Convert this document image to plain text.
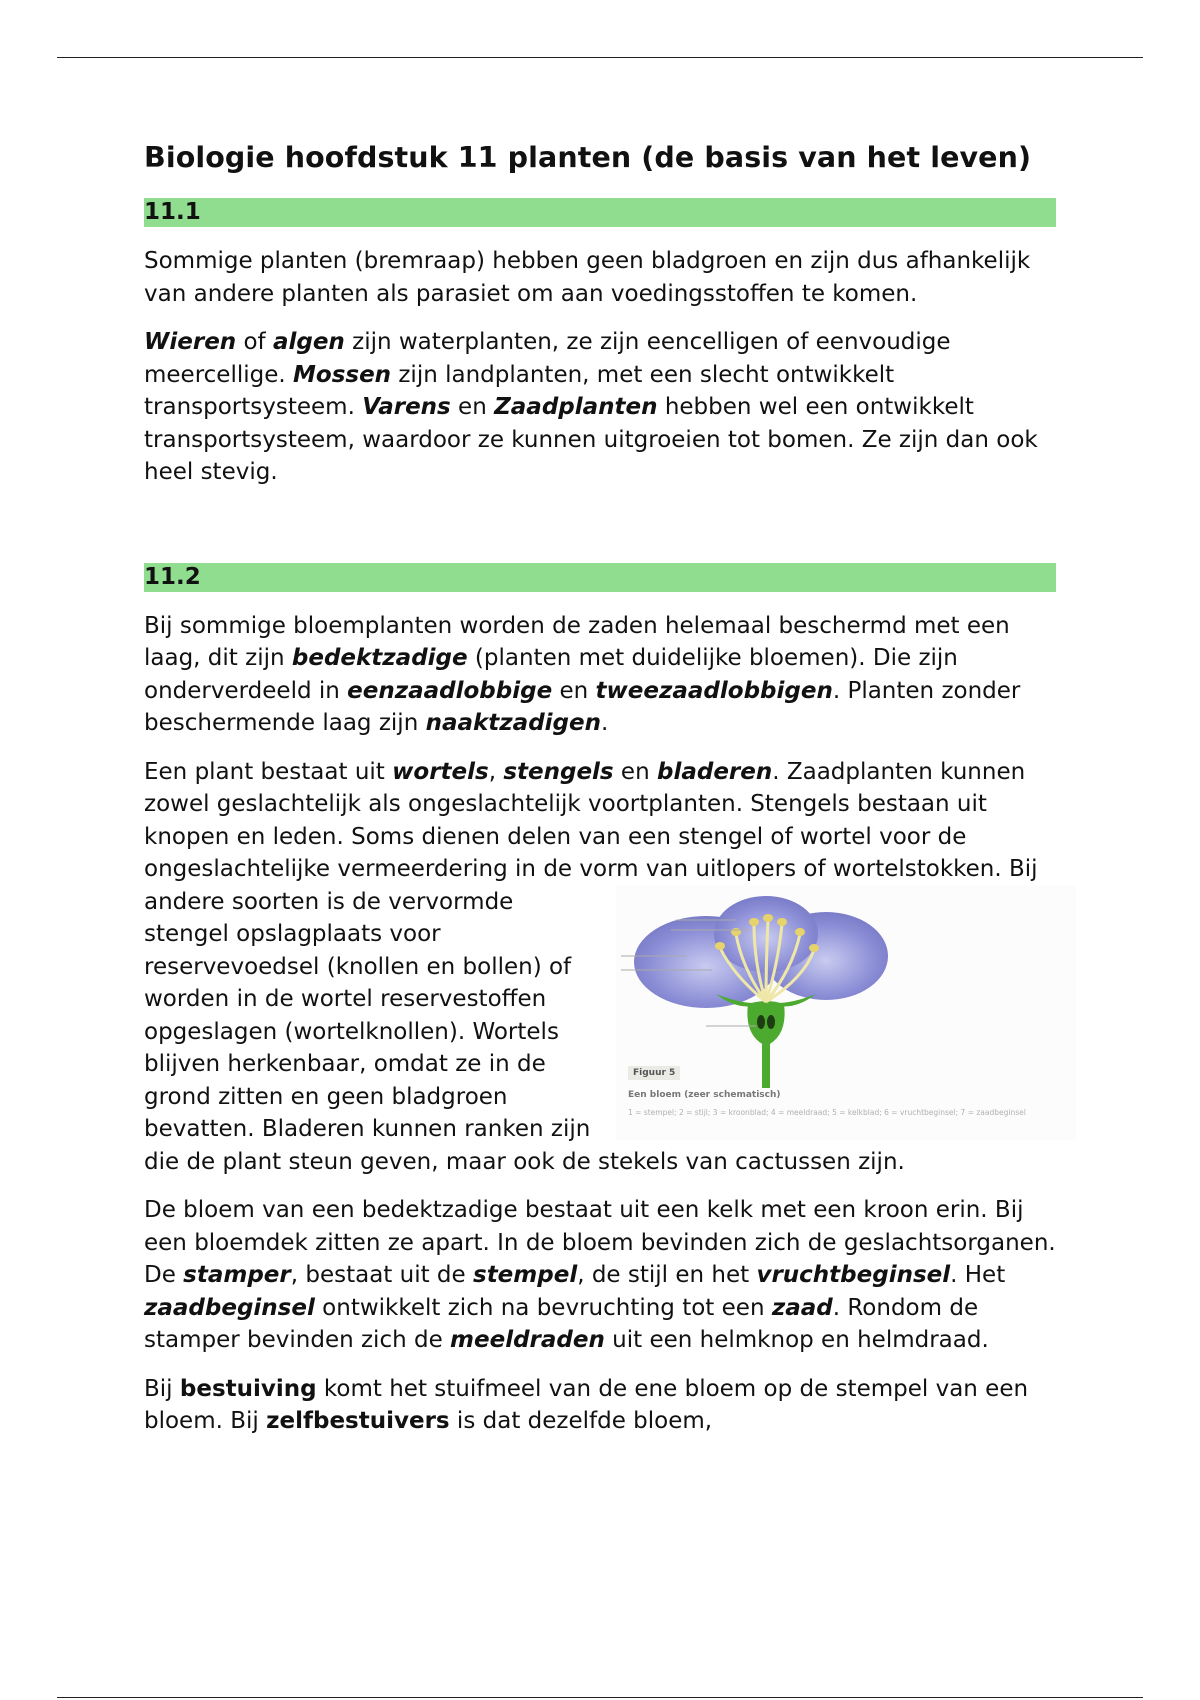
Biologie hoofdstuk 11 planten (de basis van het leven)
11.1

Sommige planten (bremraap) hebben geen bladgroen en zijn dus afhankelijk van andere planten als parasiet om aan voedingsstoffen te komen.

Wieren of algen zijn waterplanten, ze zijn eencelligen of eenvoudige meercellige. Mossen zijn landplanten, met een slecht ontwikkelt transportsysteem. Varens en Zaadplanten hebben wel een ontwikkelt transportsysteem, waardoor ze kunnen uitgroeien tot bomen. Ze zijn dan ook heel stevig.

11.2

Bij sommige bloemplanten worden de zaden helemaal beschermd met een laag, dit zijn bedektzadige (planten met duidelijke bloemen). Die zijn onderverdeeld in eenzaadlobbige en tweezaadlobbigen. Planten zonder beschermende laag zijn naaktzadigen.

Figuur 5
Een bloem (zeer schematisch)
1 = stempel; 2 = stijl; 3 = kroonblad; 4 = meeldraad; 5 = kelkblad; 6 = vruchtbeginsel; 7 = zaadbeginsel
Een plant bestaat uit wortels, stengels en bladeren. Zaadplanten kunnen zowel geslachtelijk als ongeslachtelijk voortplanten. Stengels bestaan uit knopen en leden. Soms dienen delen van een stengel of wortel voor de ongeslachtelijke vermeerdering in de vorm van uitlopers of wortelstokken. Bij andere soorten is de vervormde stengel opslagplaats voor reservevoedsel (knollen en bollen) of worden in de wortel reservestoffen opgeslagen (wortelknollen). Wortels blijven herkenbaar, omdat ze in de grond zitten en geen bladgroen bevatten. Bladeren kunnen ranken zijn die de plant steun geven, maar ook de stekels van cactussen zijn.

De bloem van een bedektzadige bestaat uit een kelk met een kroon erin. Bij een bloemdek zitten ze apart. In de bloem bevinden zich de geslachtsorganen. De stamper, bestaat uit de stempel, de stijl en het vruchtbeginsel. Het zaadbeginsel ontwikkelt zich na bevruchting tot een zaad. Rondom de stamper bevinden zich de meeldraden uit een helmknop en helmdraad.

Bij bestuiving komt het stuifmeel van de ene bloem op de stempel van een bloem. Bij zelfbestuivers is dat dezelfde bloem,
